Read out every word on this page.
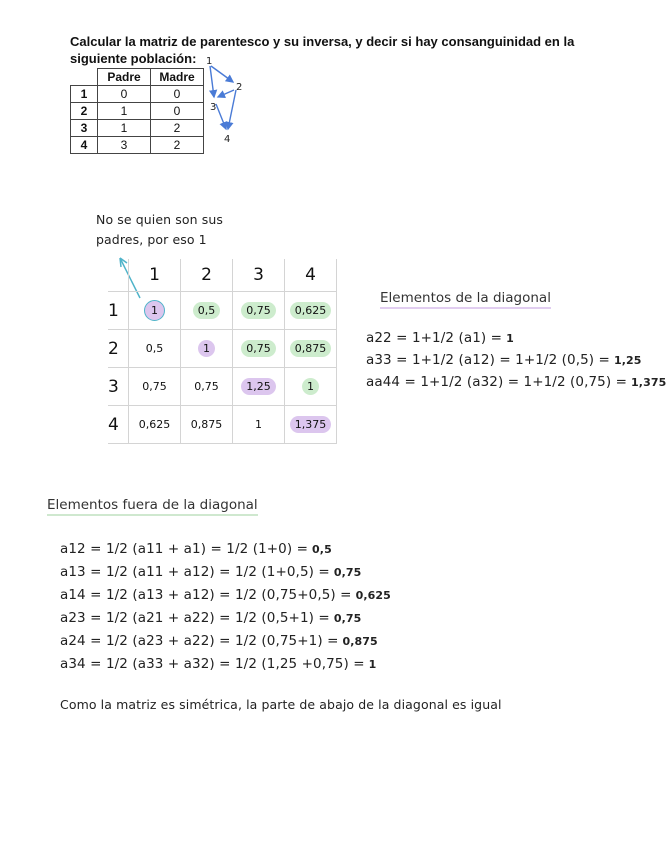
Calcular la matriz de parentesco y su inversa, y decir si hay consanguinidad en la siguiente población:
	Padre	Madre
1	0	0
2	1	0
3	1	2
4	3	2
1
2
3
4
No se quien son sus
padres, por eso 1
	1	2	3	4
1	1	0,5	0,75	0,625
2	0,5	1	0,75	0,875
3	0,75	0,75	1,25	1
4	0,625	0,875	1	1,375
Elementos de la diagonal
a22 = 1+1/2 (a1) = 1
a33 = 1+1/2 (a12) = 1+1/2 (0,5) = 1,25
aa44 = 1+1/2 (a32) = 1+1/2 (0,75) = 1,375
Elementos fuera de la diagonal
a12 = 1/2 (a11 + a1) = 1/2 (1+0) = 0,5
a13 = 1/2 (a11 + a12) = 1/2 (1+0,5) = 0,75
a14 = 1/2 (a13 + a12) = 1/2 (0,75+0,5) = 0,625
a23 = 1/2 (a21 + a22) = 1/2 (0,5+1) = 0,75
a24 = 1/2 (a23 + a22) = 1/2 (0,75+1) = 0,875
a34 = 1/2 (a33 + a32) = 1/2 (1,25 +0,75) = 1
Como la matriz es simétrica, la parte de abajo de la diagonal es igual
